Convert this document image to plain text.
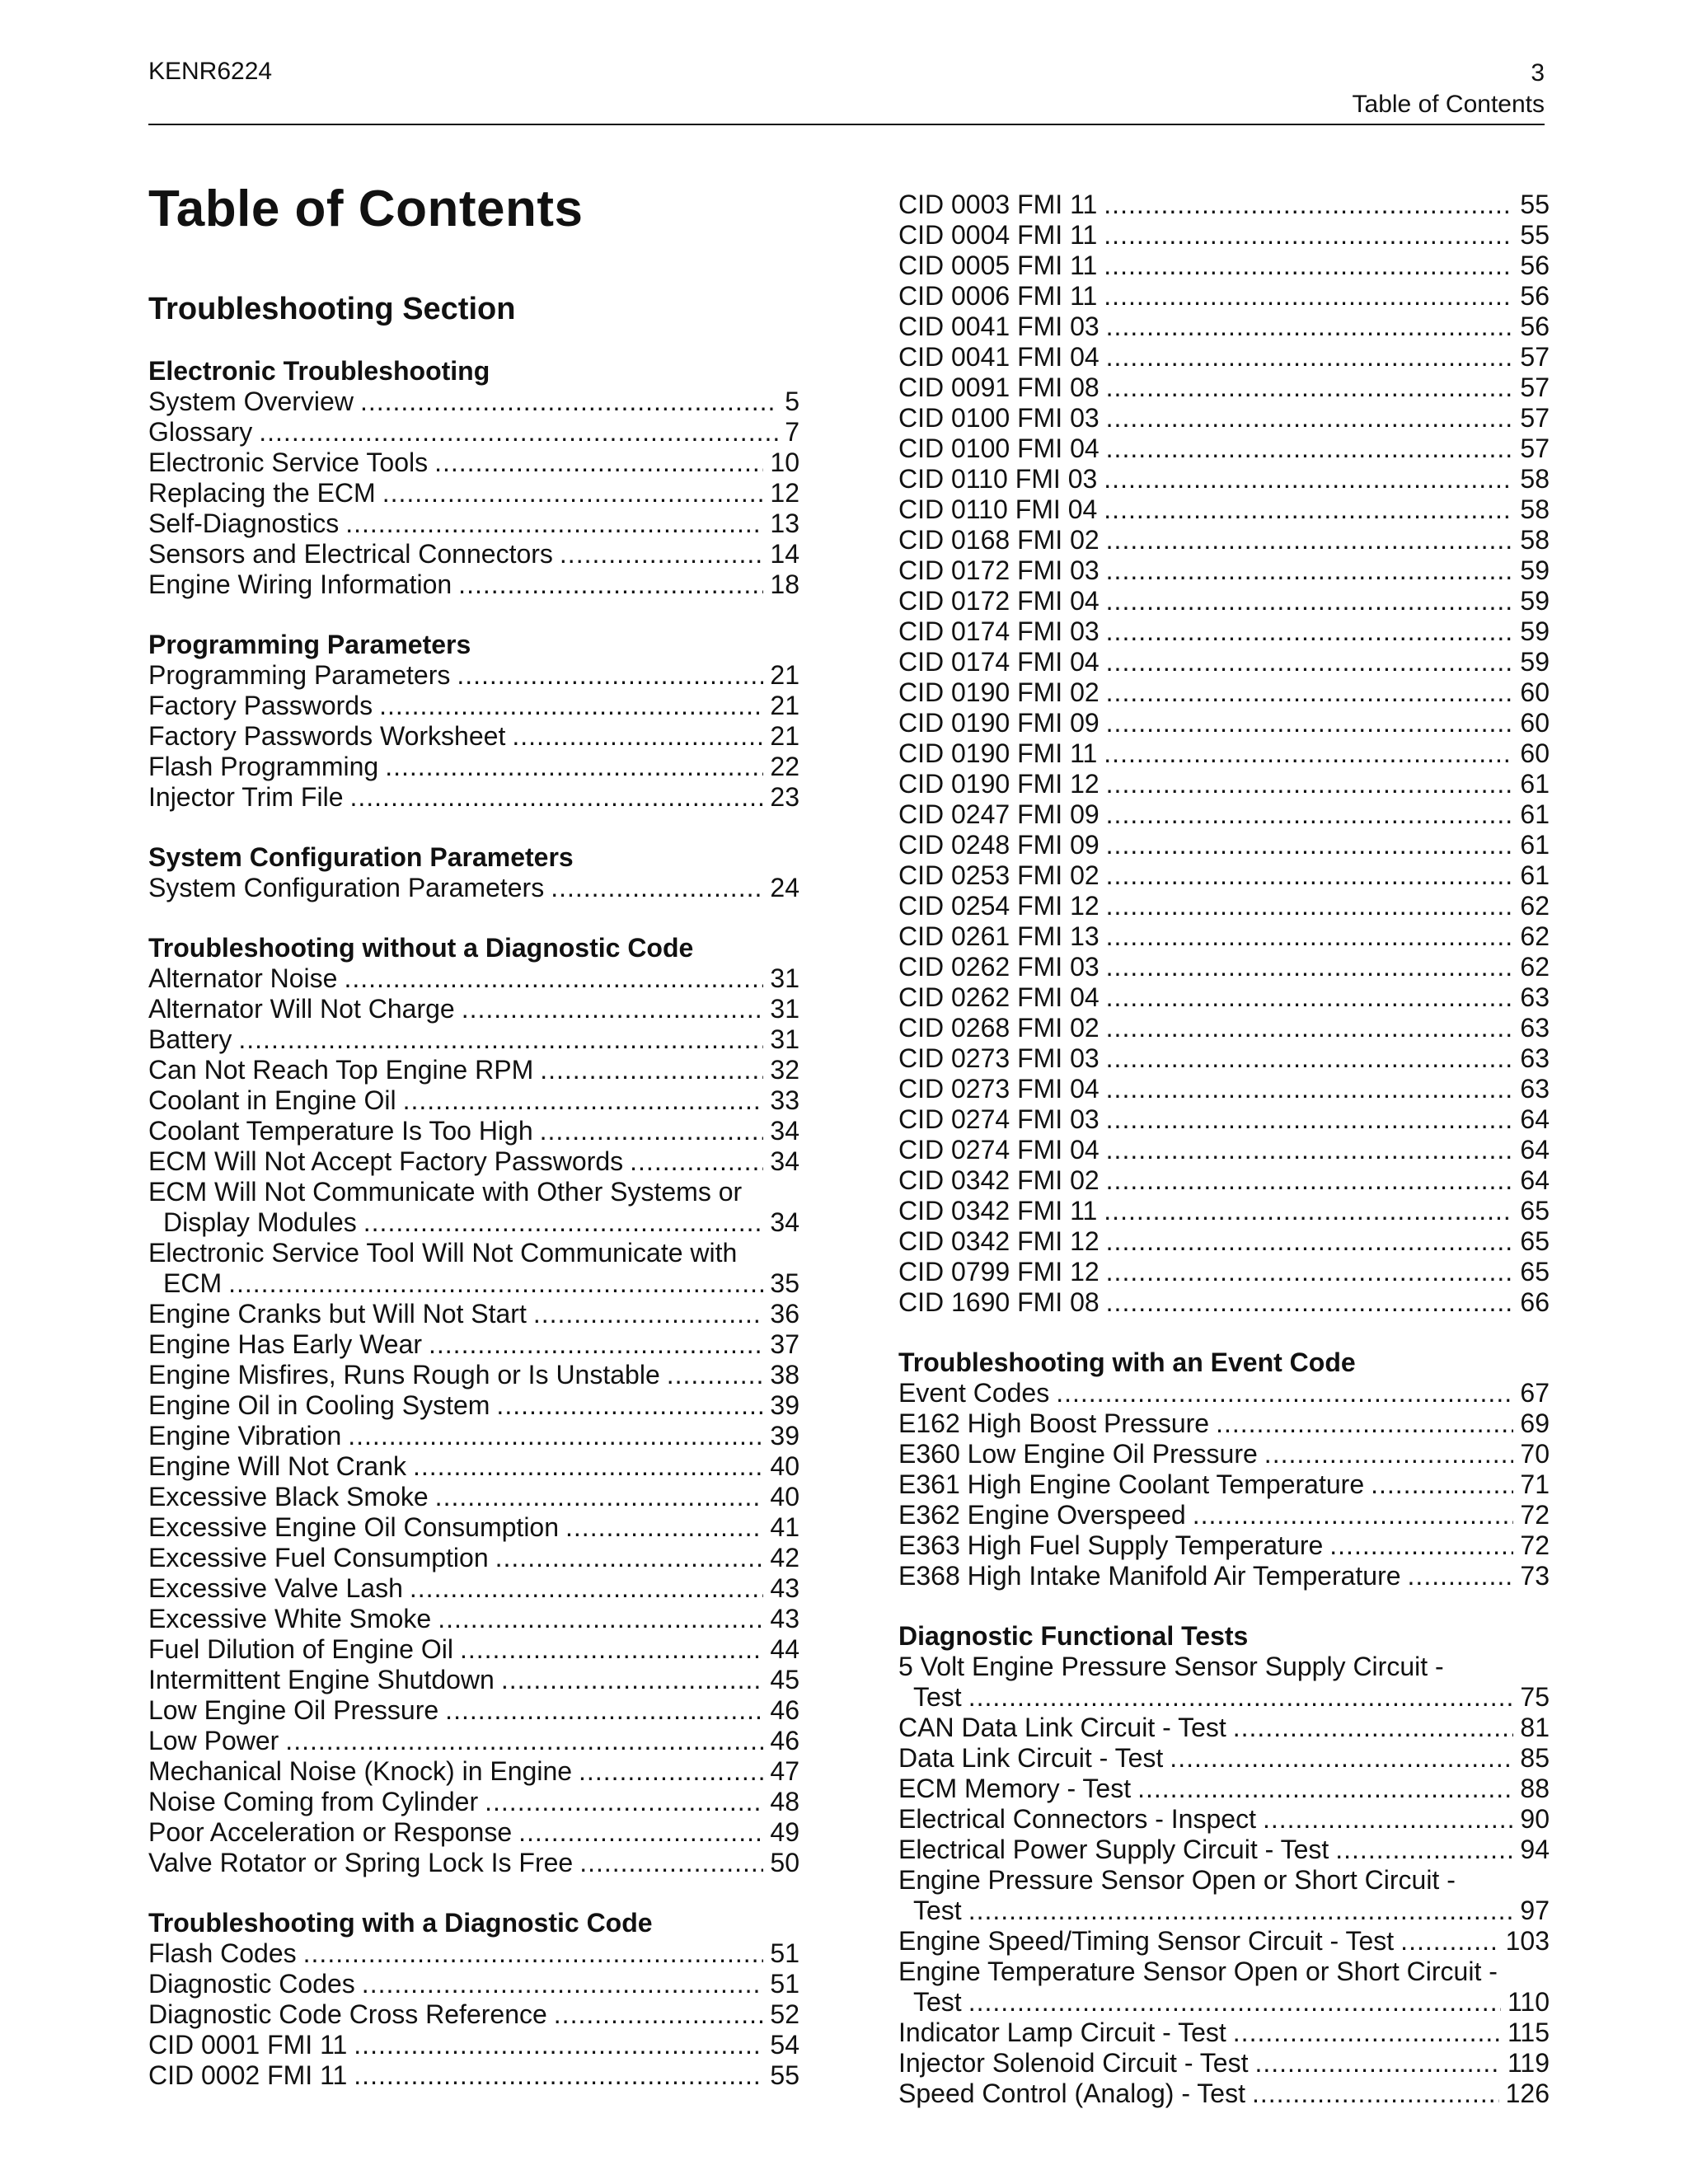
KENR6224	3
Table of Contents
Table of Contents
Troubleshooting Section
Electronic Troubleshooting
System Overview .....	5
Glossary .....	7
Electronic Service Tools .....	10
Replacing the ECM .....	12
Self-Diagnostics .....	13
Sensors and Electrical Connectors .....	14
Engine Wiring Information .....	18
Programming Parameters
Programming Parameters .....	21
Factory Passwords .....	21
Factory Passwords Worksheet .....	21
Flash Programming .....	22
Injector Trim File .....	23
System Configuration Parameters
System Configuration Parameters .....	24
Troubleshooting without a Diagnostic Code
Alternator Noise .....	31
Alternator Will Not Charge .....	31
Battery .....	31
Can Not Reach Top Engine RPM .....	32
Coolant in Engine Oil .....	33
Coolant Temperature Is Too High .....	34
ECM Will Not Accept Factory Passwords .....	34
ECM Will Not Communicate with Other Systems or
Display Modules .....	34
Electronic Service Tool Will Not Communicate with
ECM .....	35
Engine Cranks but Will Not Start .....	36
Engine Has Early Wear .....	37
Engine Misfires, Runs Rough or Is Unstable .....	38
Engine Oil in Cooling System .....	39
Engine Vibration .....	39
Engine Will Not Crank .....	40
Excessive Black Smoke .....	40
Excessive Engine Oil Consumption .....	41
Excessive Fuel Consumption .....	42
Excessive Valve Lash .....	43
Excessive White Smoke .....	43
Fuel Dilution of Engine Oil .....	44
Intermittent Engine Shutdown .....	45
Low Engine Oil Pressure .....	46
Low Power .....	46
Mechanical Noise (Knock) in Engine .....	47
Noise Coming from Cylinder .....	48
Poor Acceleration or Response .....	49
Valve Rotator or Spring Lock Is Free .....	50
Troubleshooting with a Diagnostic Code
Flash Codes .....	51
Diagnostic Codes .....	51
Diagnostic Code Cross Reference .....	52
CID 0001 FMI 11 .....	54
CID 0002 FMI 11 .....	55
CID 0003 FMI 11 .....	55
CID 0004 FMI 11 .....	55
CID 0005 FMI 11 .....	56
CID 0006 FMI 11 .....	56
CID 0041 FMI 03 .....	56
CID 0041 FMI 04 .....	57
CID 0091 FMI 08 .....	57
CID 0100 FMI 03 .....	57
CID 0100 FMI 04 .....	57
CID 0110 FMI 03 .....	58
CID 0110 FMI 04 .....	58
CID 0168 FMI 02 .....	58
CID 0172 FMI 03 .....	59
CID 0172 FMI 04 .....	59
CID 0174 FMI 03 .....	59
CID 0174 FMI 04 .....	59
CID 0190 FMI 02 .....	60
CID 0190 FMI 09 .....	60
CID 0190 FMI 11 .....	60
CID 0190 FMI 12 .....	61
CID 0247 FMI 09 .....	61
CID 0248 FMI 09 .....	61
CID 0253 FMI 02 .....	61
CID 0254 FMI 12 .....	62
CID 0261 FMI 13 .....	62
CID 0262 FMI 03 .....	62
CID 0262 FMI 04 .....	63
CID 0268 FMI 02 .....	63
CID 0273 FMI 03 .....	63
CID 0273 FMI 04 .....	63
CID 0274 FMI 03 .....	64
CID 0274 FMI 04 .....	64
CID 0342 FMI 02 .....	64
CID 0342 FMI 11 .....	65
CID 0342 FMI 12 .....	65
CID 0799 FMI 12 .....	65
CID 1690 FMI 08 .....	66
Troubleshooting with an Event Code
Event Codes .....	67
E162 High Boost Pressure .....	69
E360 Low Engine Oil Pressure .....	70
E361 High Engine Coolant Temperature .....	71
E362 Engine Overspeed .....	72
E363 High Fuel Supply Temperature .....	72
E368 High Intake Manifold Air Temperature .....	73
Diagnostic Functional Tests
5 Volt Engine Pressure Sensor Supply Circuit -
Test .....	75
CAN Data Link Circuit - Test .....	81
Data Link Circuit - Test .....	85
ECM Memory - Test .....	88
Electrical Connectors - Inspect .....	90
Electrical Power Supply Circuit - Test .....	94
Engine Pressure Sensor Open or Short Circuit -
Test .....	97
Engine Speed/Timing Sensor Circuit - Test .....	103
Engine Temperature Sensor Open or Short Circuit -
Test .....	110
Indicator Lamp Circuit - Test .....	115
Injector Solenoid Circuit - Test .....	119
Speed Control (Analog) - Test .....	126
